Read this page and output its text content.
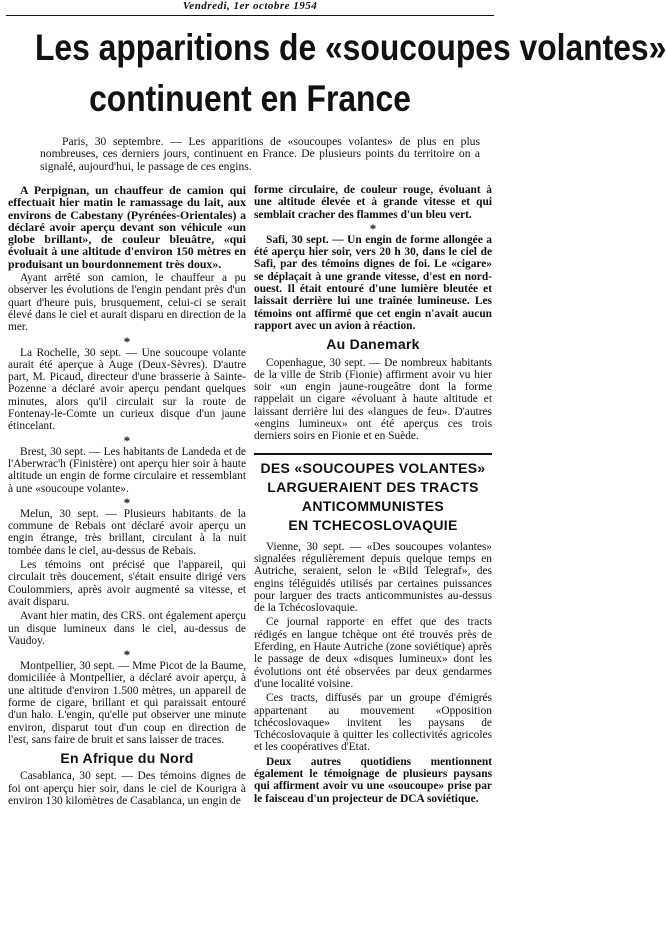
Vendredi, 1er octobre 1954
Les apparitions de «soucoupes volantes»
continuent en France
Paris, 30 septembre. — Les apparitions de «soucoupes volantes» de plus en plus nombreuses, ces derniers jours, continuent en France. De plusieurs points du territoire on a signalé, aujourd'hui, le passage de ces engins.

A Perpignan, un chauffeur de camion qui effectuait hier matin le ramassage du lait, aux environs de Cabestany (Pyrénées-Orientales) a déclaré avoir aperçu devant son véhicule «un globe brillant», de couleur bleuâtre, «qui évoluait à une altitude d'environ 150 mètres en produisant un bourdonnement très doux».

Ayant arrêté son camion, le chauffeur a pu observer les évolutions de l'engin pendant près d'un quart d'heure puis, brusquement, celui-ci se serait élevé dans le ciel et aurait disparu en direction de la mer.

*

La Rochelle, 30 sept. — Une soucoupe volante aurait été aperçue à Auge (Deux-Sèvres). D'autre part, M. Picaud, directeur d'une brasserie à Sainte-Pozenne a déclaré avoir aperçu pendant quelques minutes, alors qu'il circulait sur la route de Fontenay-le-Comte un curieux disque d'un jaune étincelant.

*

Brest, 30 sept. — Les habitants de Landeda et de l'Aberwrac'h (Finistère) ont aperçu hier soir à haute altitude un engin de forme circulaire et ressemblant à une «soucoupe volante».

*

Melun, 30 sept. — Plusieurs habitants de la commune de Rebais ont déclaré avoir aperçu un engin étrange, très brillant, circulant à la nuit tombée dans le ciel, au-dessus de Rebais.

Les témoins ont précisé que l'appareil, qui circulait très doucement, s'était ensuite dirigé vers Coulommiers, après avoir augmenté sa vitesse, et avait disparu.

Avant hier matin, des CRS. ont également aperçu un disque lumineux dans le ciel, au-dessus de Vaudoy.

*

Montpellier, 30 sept. — Mme Picot de la Baume, domiciliée à Montpellier, a déclaré avoir aperçu, à une altitude d'environ 1.500 mètres, un appareil de forme de cigare, brillant et qui paraissait entouré d'un halo. L'engin, qu'elle put observer une minute environ, disparut tout d'un coup en direction de l'est, sans faire de bruit et sans laisser de traces.

En Afrique du Nord

Casablanca, 30 sept. — Des témoins dignes de foi ont aperçu hier soir, dans le ciel de Kourigra à environ 130 kilomètres de Casablanca, un engin de

forme circulaire, de couleur rouge, évoluant à une altitude élevée et à grande vitesse et qui semblait cracher des flammes d'un bleu vert.

*

Safi, 30 sept. — Un engin de forme allongée a été aperçu hier soir, vers 20 h 30, dans le ciel de Safi, par des témoins dignes de foi. Le «cigare» se déplaçait à une grande vitesse, d'est en nord-ouest. Il était entouré d'une lumière bleutée et laissait derrière lui une traînée lumineuse. Les témoins ont affirmé que cet engin n'avait aucun rapport avec un avion à réaction.

Au Danemark

Copenhague, 30 sept. — De nombreux habitants de la ville de Strib (Fionie) affirment avoir vu hier soir «un engin jaune-rougeâtre dont la forme rappelait un cigare «évoluant à haute altitude et laissant derrière lui des «langues de feu». D'autres «engins lumineux» ont été aperçus ces trois derniers soirs en Fionie et en Suède.

DES «SOUCOUPES VOLANTES»
LARGUERAIENT DES TRACTS
ANTICOMMUNISTES
EN TCHECOSLOVAQUIE

Vienne, 30 sept. — «Des soucoupes volantes» signalées régulièrement depuis quelque temps en Autriche, seraient, selon le «Bild Telegraf», des engins téléguidés utilisés par certaines puissances pour larguer des tracts anticommunistes au-dessus de la Tchécoslovaquie.

Ce journal rapporte en effet que des tracts rédigés en langue tchèque ont été trouvés près de Eferding, en Haute Autriche (zone soviétique) après le passage de deux «disques lumineux» dont les évolutions ont été observées par deux gendarmes d'une localité voisine.

Ces tracts, diffusés par un groupe d'émigrés appartenant au mouvement «Opposition tchécoslovaque» invitent les paysans de Tchécoslovaquie à quitter les collectivités agricoles et les coopératives d'Etat.

Deux autres quotidiens mentionnent également le témoignage de plusieurs paysans qui affirment avoir vu une «soucoupe» prise par le faisceau d'un projecteur de DCA soviétique.
